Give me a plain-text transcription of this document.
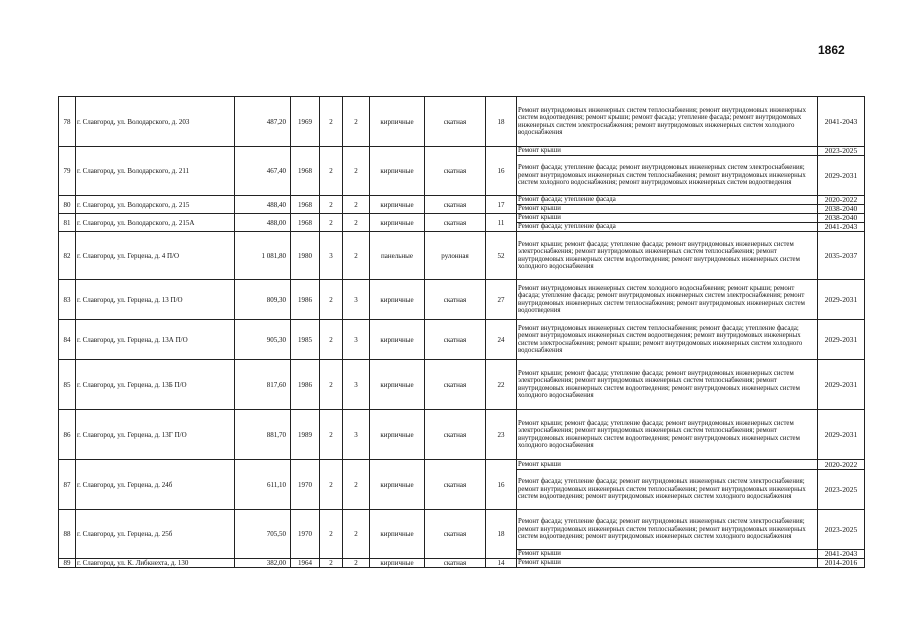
1862
78	г. Славгород, ул. Володарского, д. 203	487,20	1969	2	2	кирпичные	скатная	18	Ремонт внутридомовых инженерных систем теплоснабжения; ремонт внутридомовых инженерных систем водоотведения; ремонт крыши; ремонт фасада; утепление фасада; ремонт внутридомовых инженерных систем электроснабжения; ремонт внутридомовых инженерных систем холодного водоснабжения	2041-2043
79	г. Славгород, ул. Володарского, д. 211	467,40	1968	2	2	кирпичные	скатная	16	Ремонт крыши	2023-2025
									Ремонт фасада; утепление фасада; ремонт внутридомовых инженерных систем электроснабжения; ремонт внутридомовых инженерных систем теплоснабжения; ремонт внутридомовых инженерных систем холодного водоснабжения; ремонт внутридомовых инженерных систем водоотведения	2029-2031
80	г. Славгород, ул. Володарского, д. 215	488,40	1968	2	2	кирпичные	скатная	17	Ремонт фасада; утепление фасада	2020-2022
									Ремонт крыши	2038-2040
81	г. Славгород, ул. Володарского, д. 215А	488,00	1968	2	2	кирпичные	скатная	11	Ремонт крыши	2038-2040
									Ремонт фасада; утепление фасада	2041-2043
82	г. Славгород, ул. Герцена, д. 4 П/О	1 081,80	1980	3	2	панельные	рулонная	52	Ремонт крыши; ремонт фасада; утепление фасада; ремонт внутридомовых инженерных систем электроснабжения; ремонт внутридомовых инженерных систем теплоснабжения; ремонт внутридомовых инженерных систем водоотведения; ремонт внутридомовых инженерных систем холодного водоснабжения	2035-2037
83	г. Славгород, ул. Герцена, д. 13 П/О	809,30	1986	2	3	кирпичные	скатная	27	Ремонт внутридомовых инженерных систем холодного водоснабжения; ремонт крыши; ремонт фасада; утепление фасада; ремонт внутридомовых инженерных систем электроснабжения; ремонт внутридомовых инженерных систем теплоснабжения; ремонт внутридомовых инженерных систем водоотведения	2029-2031
84	г. Славгород, ул. Герцена, д. 13А П/О	905,30	1985	2	3	кирпичные	скатная	24	Ремонт внутридомовых инженерных систем теплоснабжения; ремонт фасада; утепление фасада; ремонт внутридомовых инженерных систем водоотведения; ремонт внутридомовых инженерных систем электроснабжения; ремонт крыши; ремонт внутридомовых инженерных систем холодного водоснабжения	2029-2031
85	г. Славгород, ул. Герцена, д. 13Б П/О	817,60	1986	2	3	кирпичные	скатная	22	Ремонт крыши; ремонт фасада; утепление фасада; ремонт внутридомовых инженерных систем электроснабжения; ремонт внутридомовых инженерных систем теплоснабжения; ремонт внутридомовых инженерных систем водоотведения; ремонт внутридомовых инженерных систем холодного водоснабжения	2029-2031
86	г. Славгород, ул. Герцена, д. 13Г П/О	881,70	1989	2	3	кирпичные	скатная	23	Ремонт крыши; ремонт фасада; утепление фасада; ремонт внутридомовых инженерных систем электроснабжения; ремонт внутридомовых инженерных систем теплоснабжения; ремонт внутридомовых инженерных систем водоотведения; ремонт внутридомовых инженерных систем холодного водоснабжения	2029-2031
87	г. Славгород, ул. Герцена, д. 24б	611,10	1970	2	2	кирпичные	скатная	16	Ремонт крыши	2020-2022
									Ремонт фасада; утепление фасада; ремонт внутридомовых инженерных систем электроснабжения; ремонт внутридомовых инженерных систем теплоснабжения; ремонт внутридомовых инженерных систем водоотведения; ремонт внутридомовых инженерных систем холодного водоснабжения	2023-2025
88	г. Славгород, ул. Герцена, д. 25б	705,50	1970	2	2	кирпичные	скатная	18	Ремонт фасада; утепление фасада; ремонт внутридомовых инженерных систем электроснабжения; ремонт внутридомовых инженерных систем теплоснабжения; ремонт внутридомовых инженерных систем водоотведения; ремонт внутридомовых инженерных систем холодного водоснабжения	2023-2025
									Ремонт крыши	2041-2043
89	г. Славгород, ул. К. Либкнехта, д. 130	382,00	1964	2	2	кирпичные	скатная	14	Ремонт крыши	2014-2016
